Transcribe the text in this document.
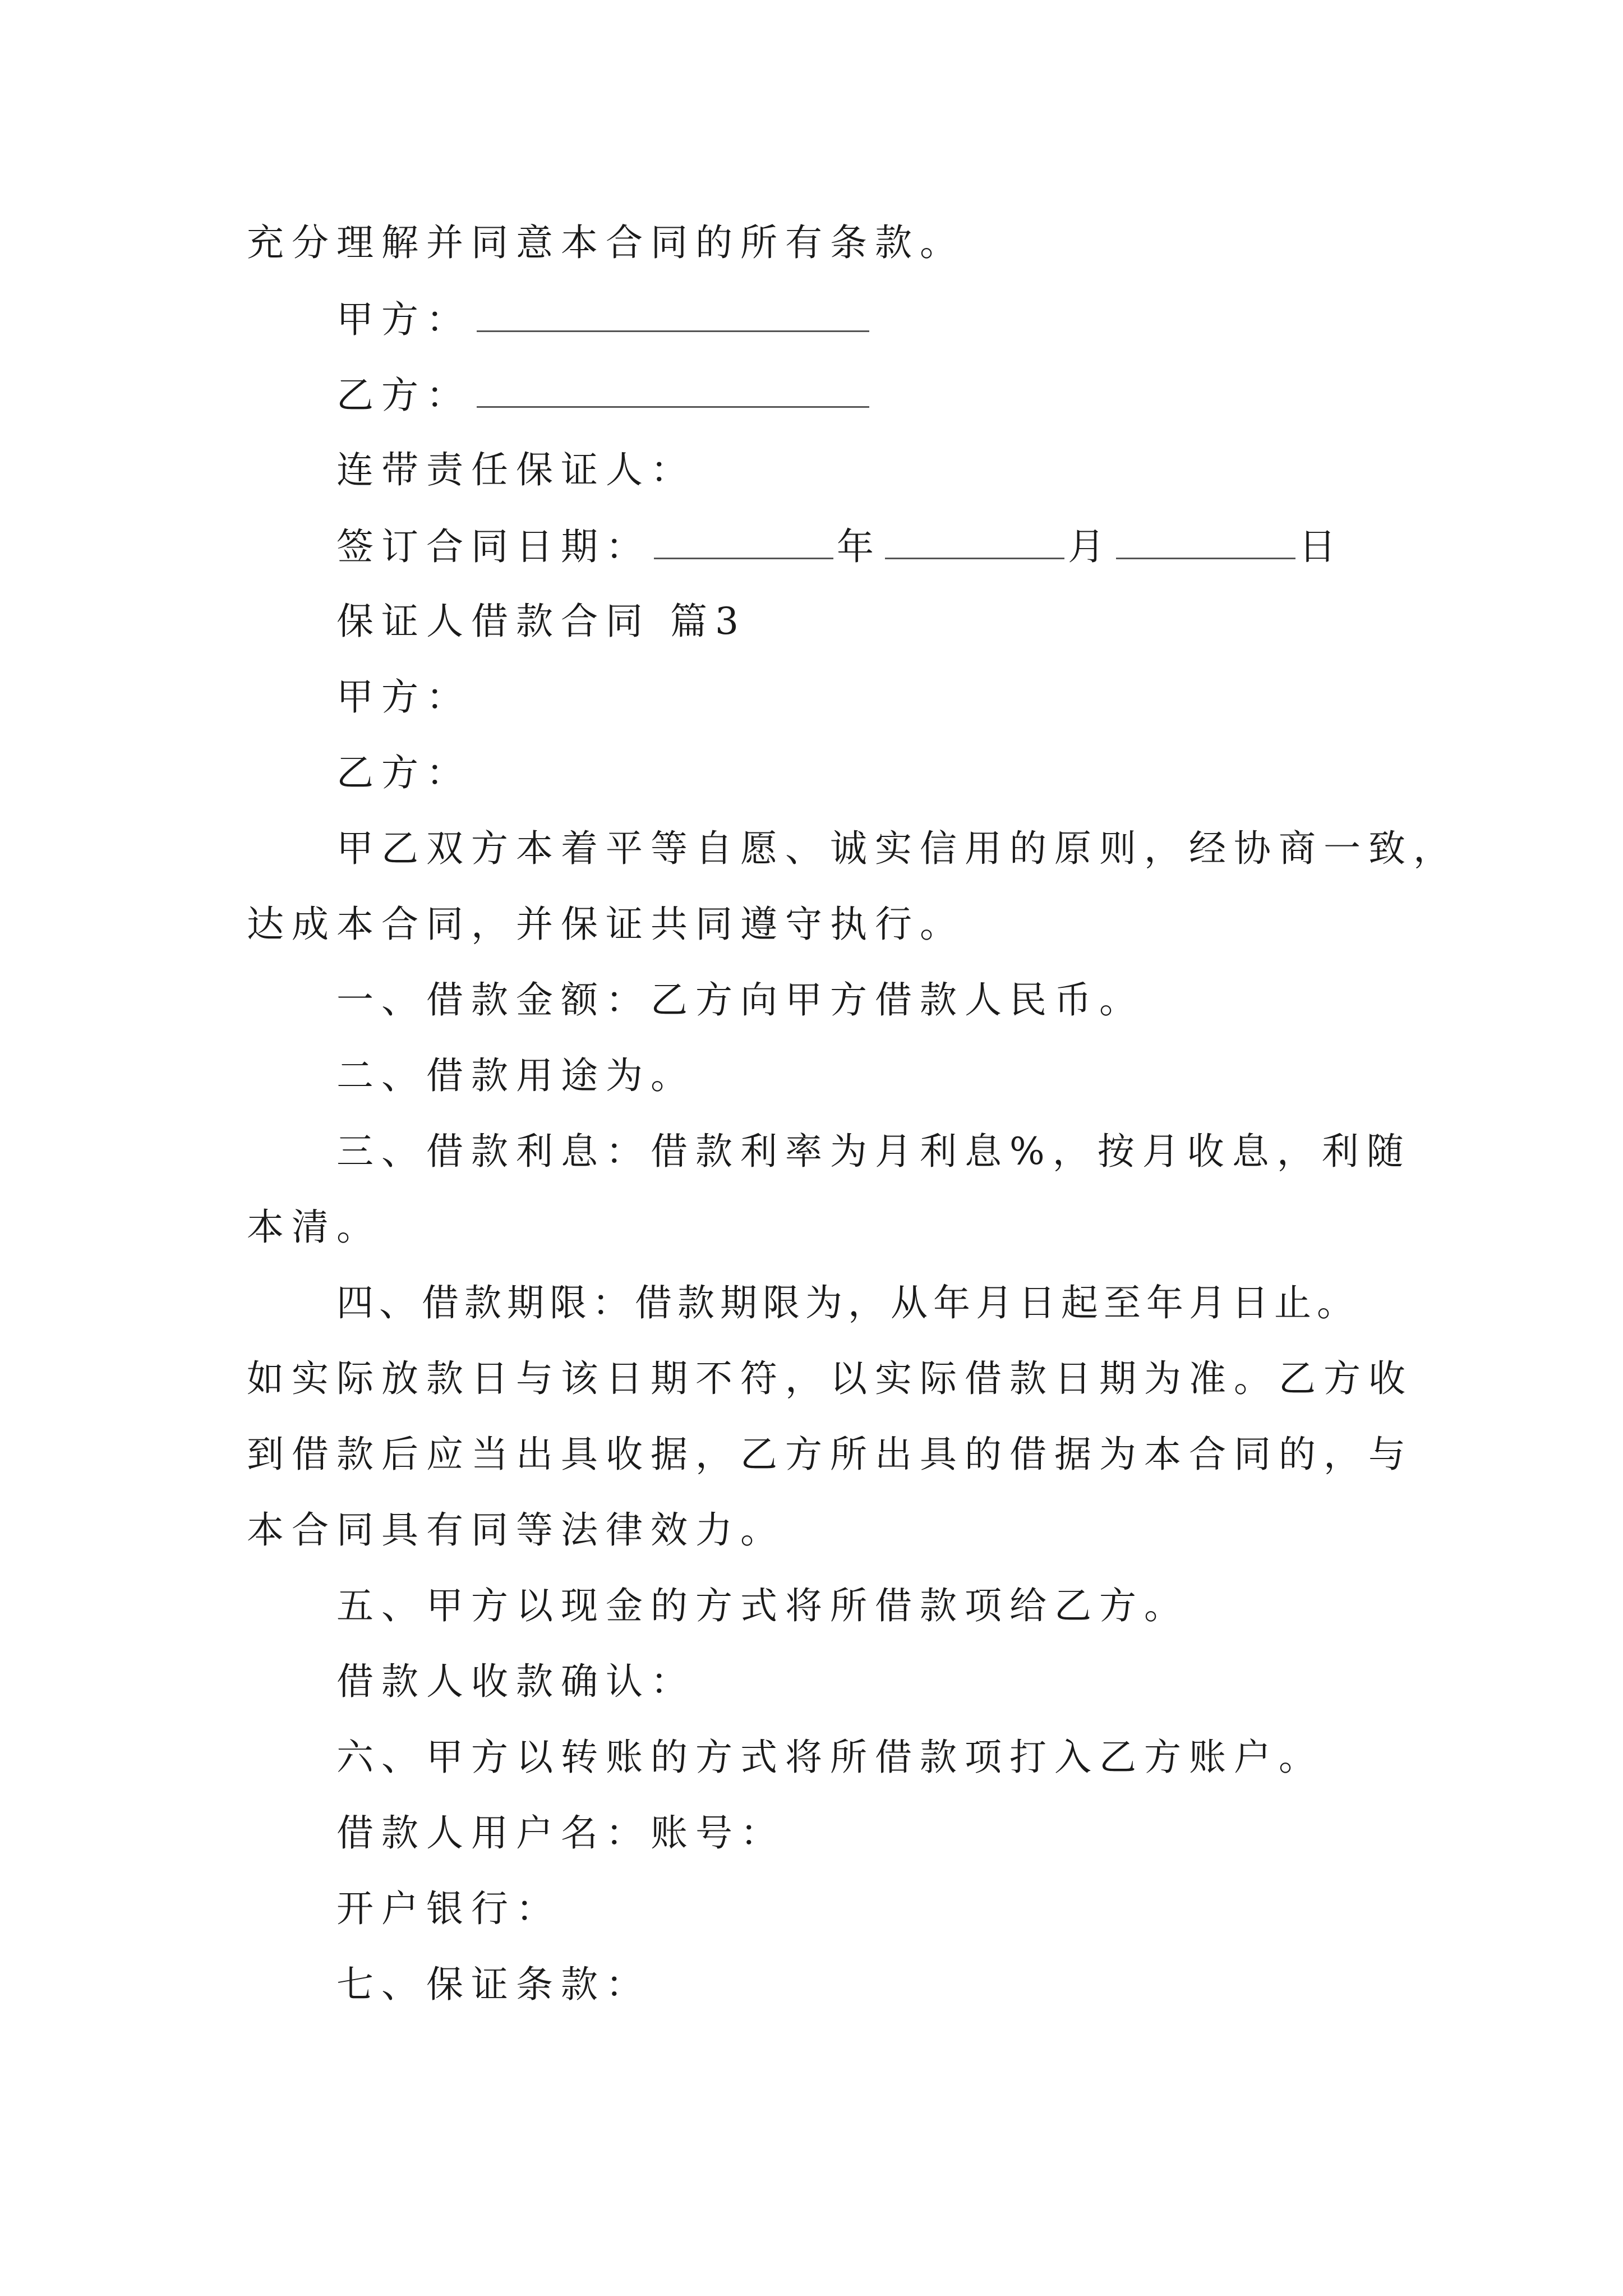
充分理解并同意本合同的所有条款。
甲方：
乙方：
连带责任保证人：
签订合同日期：	年	月	日
保证人借款合同 篇3
甲方：
乙方：
甲乙双方本着平等自愿、诚实信用的原则，经协商一致，
达成本合同，并保证共同遵守执行。
一、借款金额：乙方向甲方借款人民币。
二、借款用途为。
三、借款利息：借款利率为月利息%，按月收息，利随
本清。
四、借款期限：借款期限为，从年月日起至年月日止。
如实际放款日与该日期不符，以实际借款日期为准。乙方收
到借款后应当出具收据，乙方所出具的借据为本合同的，与
本合同具有同等法律效力。
五、甲方以现金的方式将所借款项给乙方。
借款人收款确认：
六、甲方以转账的方式将所借款项打入乙方账户。
借款人用户名：账号：
开户银行：
七、保证条款：
